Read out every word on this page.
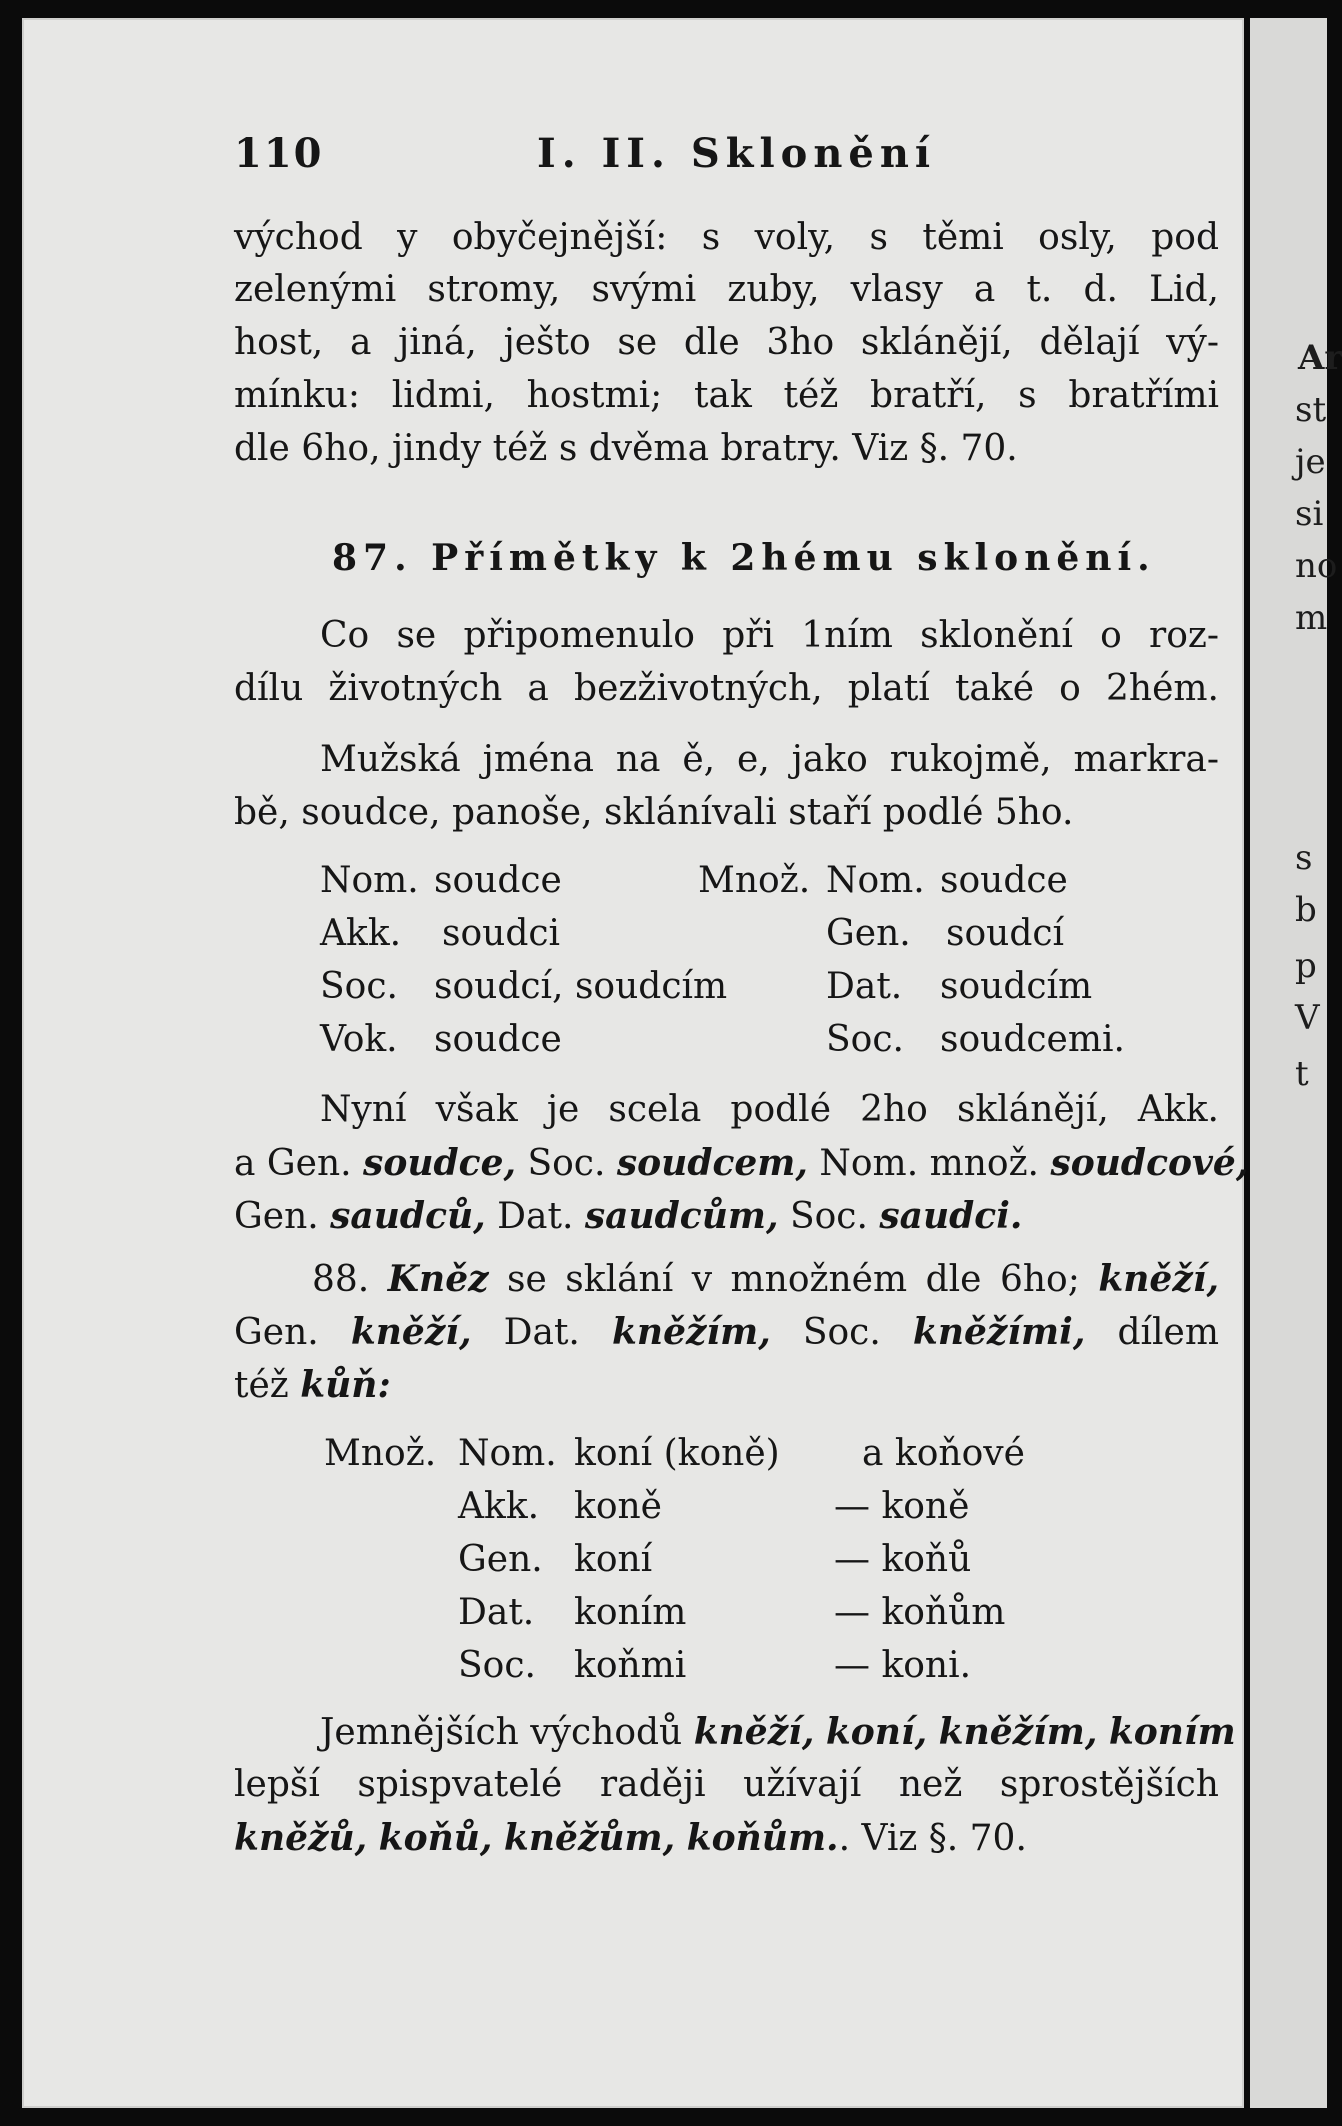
110	I. II. Sklonění
východ y obyčejnější: s voly, s těmi osly, pod
zelenými stromy, svými zuby, vlasy a t. d. Lid,
host, a jiná, ješto se dle 3ho sklánějí, dělají vý-
mínku: lidmi, hostmi; tak též bratří, s bratřími
dle 6ho, jindy též s dvěma bratry. Viz §. 70.
87. Přímětky k 2hému sklonění.
Co se připomenulo při 1ním sklonění o roz-
dílu životných a bezživotných, platí také o 2hém.
Mužská jména na ě, e, jako rukojmě, markra-
bě, soudce, panoše, sklánívali staří podlé 5ho.
Nom. soudce	Množ. Nom. soudce
Akk. soudci	Gen. soudcí
Soc. soudcí, soudcím	Dat. soudcím
Vok. soudce	Soc. soudcemi.
Nyní však je scela podlé 2ho sklánějí, Akk.
a Gen. soudce, Soc. soudcem, Nom. množ. soudcové,
Gen. saudců, Dat. saudcům, Soc. saudci.
88. Kněz se sklání v množném dle 6ho; kněží,
Gen. kněží, Dat. kněžím, Soc. kněžími, dílem
též kůň:
Množ. Nom. koní (koně) a koňové
Akk. koně	— koně
Gen. koní	— koňů
Dat. koním	— koňům
Soc. koňmi	— koni.
Jemnějších východů kněží, koní, kněžím, koním
lepší spispvatelé raději užívají než sprostějších
kněžů, koňů, kněžům, koňům.. Viz §. 70.
Ar
st
je
si
no
m
s
b
p
V
t
